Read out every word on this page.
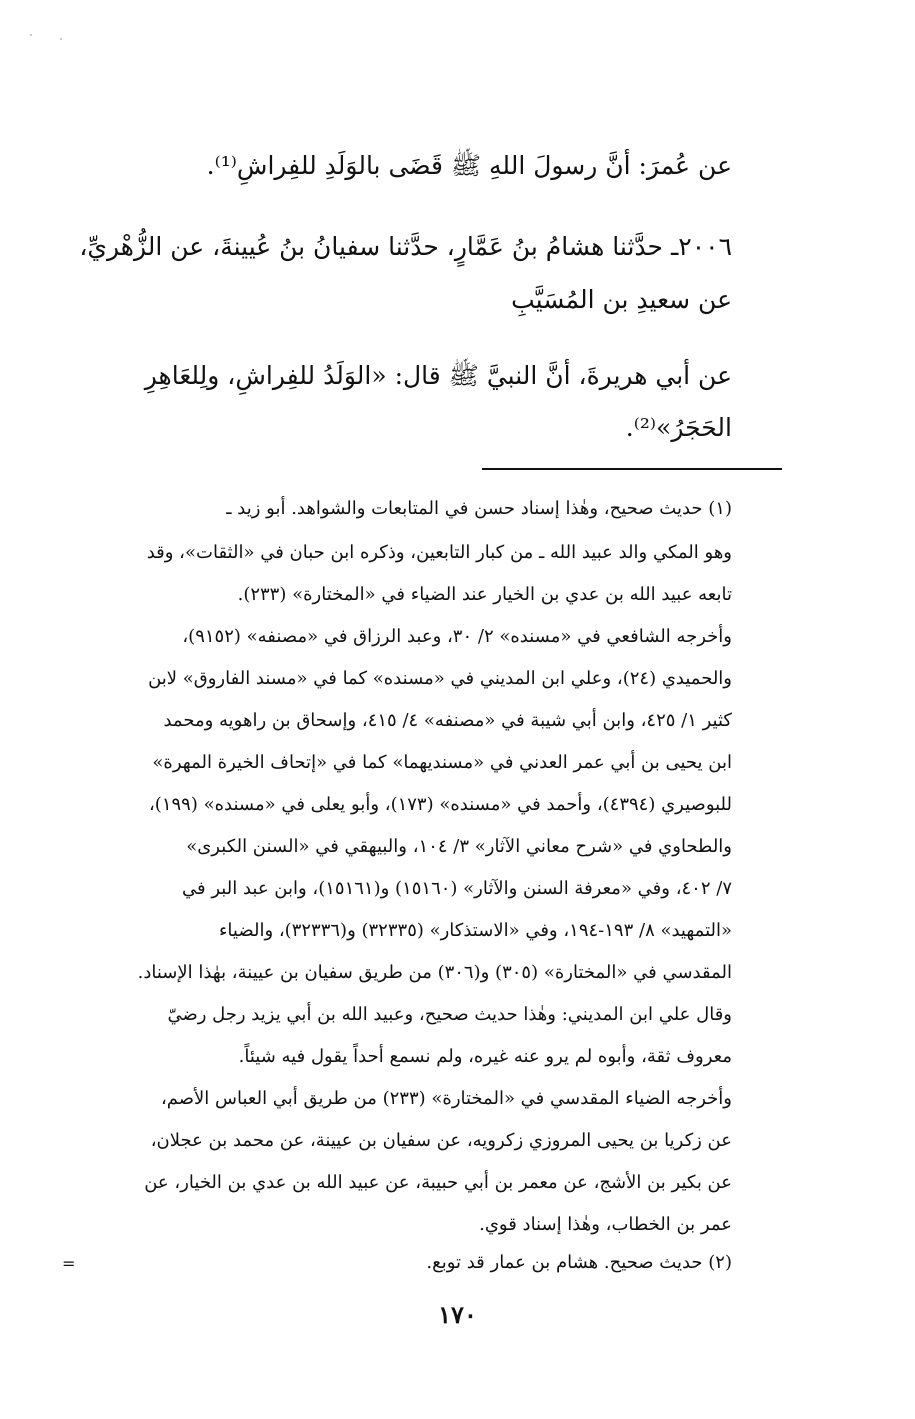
عن عُمرَ: أنَّ رسولَ اللهِ ﷺ قَضَى بالوَلَدِ للفِراشِ⁽¹⁾.
٢٠٠٦ـ حدَّثنا هشامُ بنُ عَمَّارٍ، حدَّثنا سفيانُ بنُ عُيينةَ، عن الزُّهْريِّ،
عن سعيدِ بن المُسَيَّبِ
عن أبي هريرةَ، أنَّ النبيَّ ﷺ قال: «الوَلَدُ للفِراشِ، ولِلعَاهِرِ
الحَجَرُ»⁽²⁾.
(١) حديث صحيح، وهٰذا إسناد حسن في المتابعات والشواهد. أبو زيد ـ
وهو المكي والد عبيد الله ـ من كبار التابعين، وذكره ابن حبان في «الثقات»، وقد
تابعه عبيد الله بن عدي بن الخيار عند الضياء في «المختارة» (٢٣٣).
وأخرجه الشافعي في «مسنده» ٢/ ٣٠، وعبد الرزاق في «مصنفه» (٩١٥٢)،
والحميدي (٢٤)، وعلي ابن المديني في «مسنده» كما في «مسند الفاروق» لابن
كثير ١/ ٤٢٥، وابن أبي شيبة في «مصنفه» ٤/ ٤١٥، وإسحاق بن راهويه ومحمد
ابن يحيى بن أبي عمر العدني في «مسنديهما» كما في «إتحاف الخيرة المهرة»
للبوصيري (٤٣٩٤)، وأحمد في «مسنده» (١٧٣)، وأبو يعلى في «مسنده» (١٩٩)،
والطحاوي في «شرح معاني الآثار» ٣/ ١٠٤، والبيهقي في «السنن الكبرى»
٧/ ٤٠٢، وفي «معرفة السنن والآثار» (١٥١٦٠) و(١٥١٦١)، وابن عبد البر في
«التمهيد» ٨/ ١٩٣-١٩٤، وفي «الاستذكار» (٣٢٣٣٥) و(٣٢٣٣٦)، والضياء
المقدسي في «المختارة» (٣٠٥) و(٣٠٦) من طريق سفيان بن عيينة، بهٰذا الإسناد.
وقال علي ابن المديني: وهٰذا حديث صحيح، وعبيد الله بن أبي يزيد رجل رضيّ
معروف ثقة، وأبوه لم يرو عنه غيره، ولم نسمع أحداً يقول فيه شيئاً.
وأخرجه الضياء المقدسي في «المختارة» (٢٣٣) من طريق أبي العباس الأصم،
عن زكريا بن يحيى المروزي زكرويه، عن سفيان بن عيينة، عن محمد بن عجلان،
عن بكير بن الأشج، عن معمر بن أبي حبيبة، عن عبيد الله بن عدي بن الخيار، عن
عمر بن الخطاب، وهٰذا إسناد قوي.
(٢) حديث صحيح. هشام بن عمار قد توبع.
=
١٧٠
